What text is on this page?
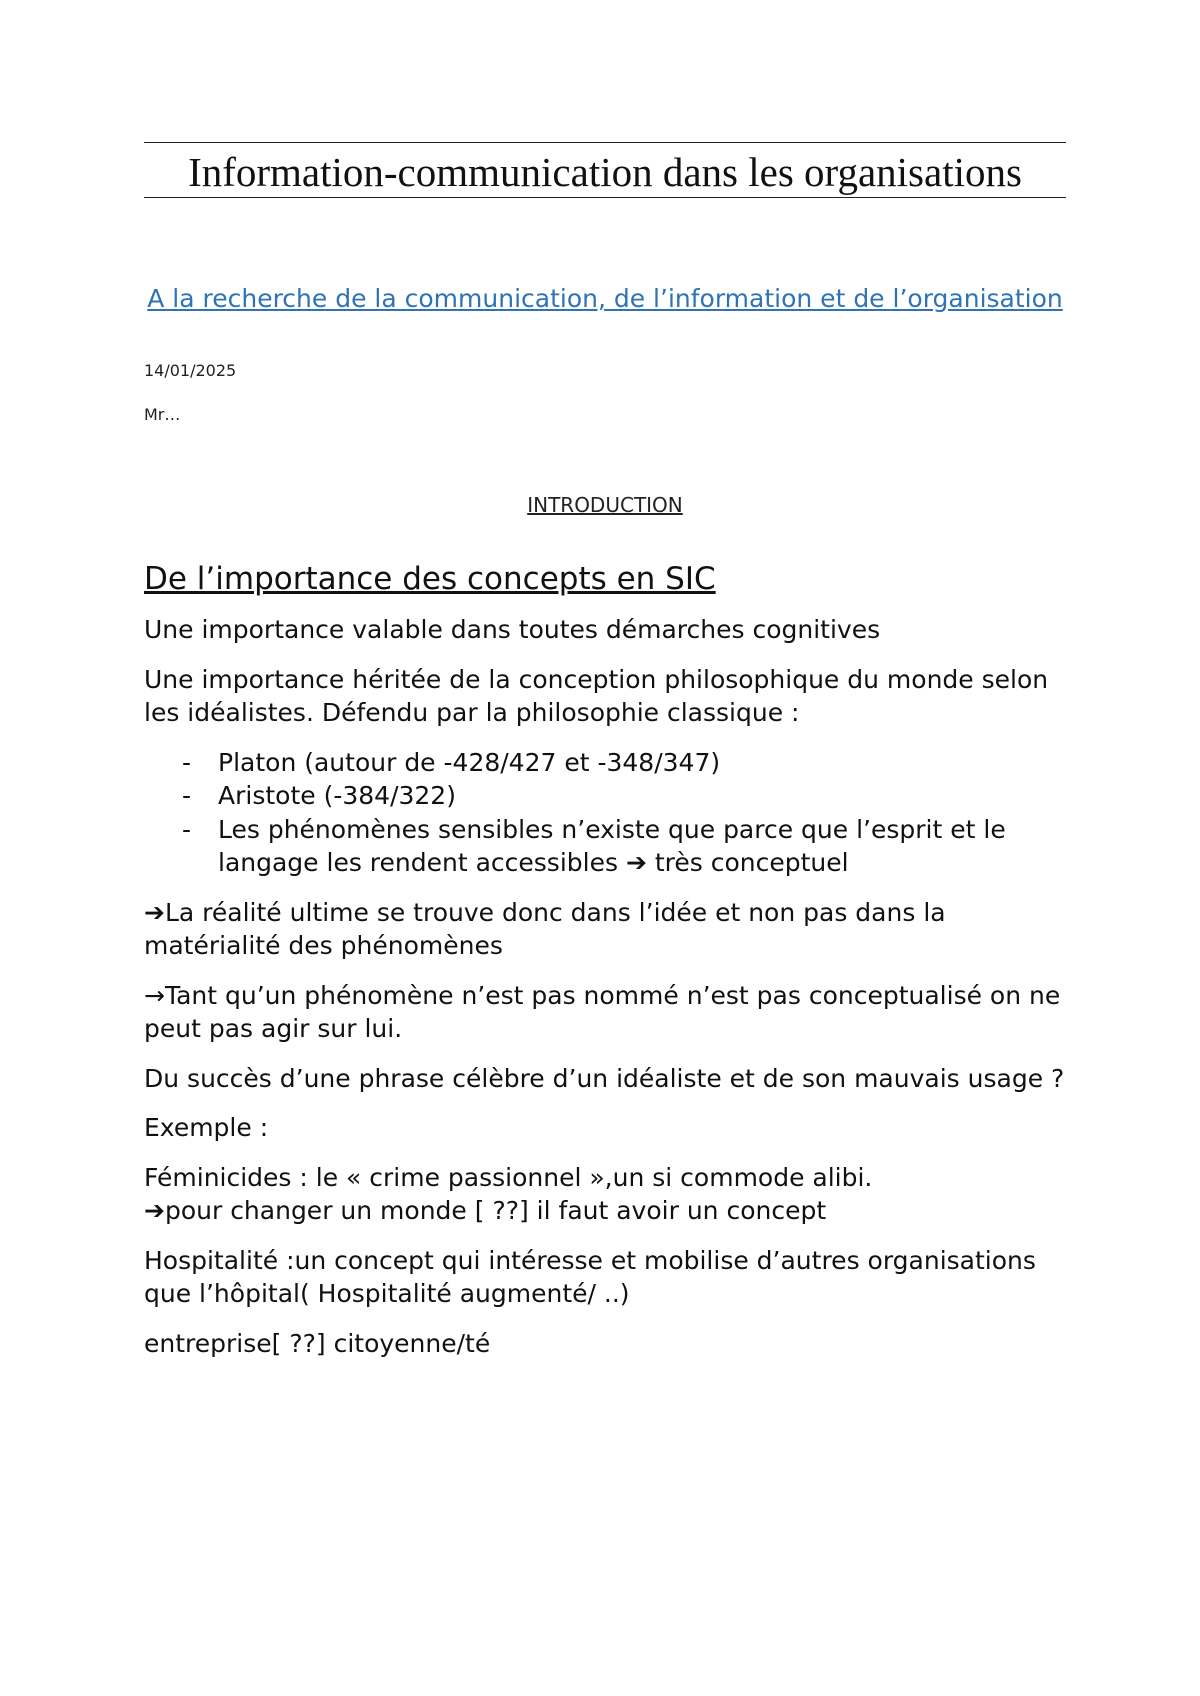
Information-communication dans les organisations
A la recherche de la communication, de l’information et de l’organisation
14/01/2025
Mr…
INTRODUCTION
De l’importance des concepts en SIC

Une importance valable dans toutes démarches cognitives

Une importance héritée de la conception philosophique du monde selon les idéalistes. Défendu par la philosophie classique :

- Platon (autour de -428/427 et -348/347)
- Aristote (-384/322)
- Les phénomènes sensibles n’existe que parce que l’esprit et le langage les rendent accessibles ➔ très conceptuel

➔La réalité ultime se trouve donc dans l’idée et non pas dans la matérialité des phénomènes

→Tant qu’un phénomène n’est pas nommé n’est pas conceptualisé on ne peut pas agir sur lui.

Du succès d’une phrase célèbre d’un idéaliste et de son mauvais usage ?

Exemple :

Féminicides : le « crime passionnel »,un si commode alibi.
➔pour changer un monde [ ??] il faut avoir un concept

Hospitalité :un concept qui intéresse et mobilise d’autres organisations que l’hôpital( Hospitalité augmenté/ ..)

entreprise[ ??] citoyenne/té
